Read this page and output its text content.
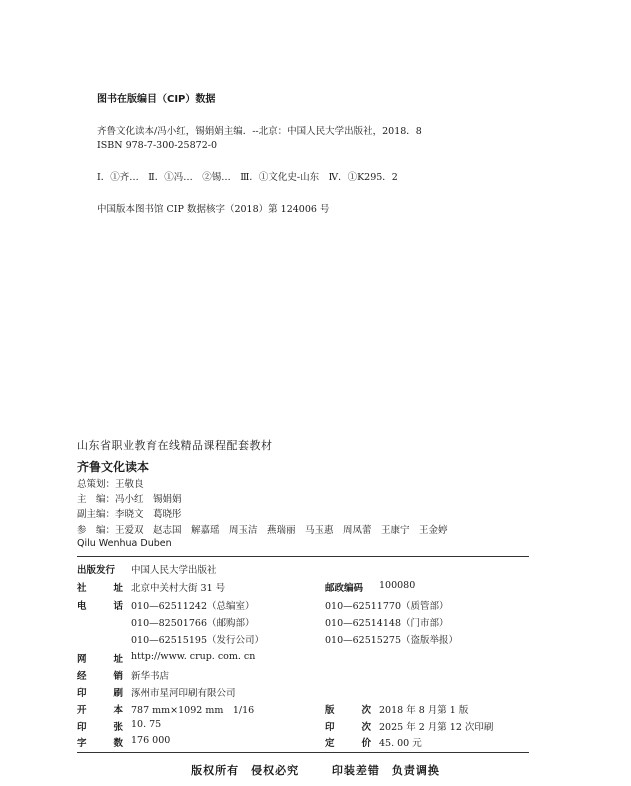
图书在版编目（CIP）数据
齐鲁文化读本/冯小红，锡娟娟主编．--北京：中国人民大学出版社，2018．8
ISBN 978-7-300-25872-0
Ⅰ．①齐…　Ⅱ．①冯…　②锡…　Ⅲ．①文化史-山东　Ⅳ．①K295．2
中国版本图书馆 CIP 数据核字（2018）第 124006 号
山东省职业教育在线精品课程配套教材
齐鲁文化读本
总策划：王敬良
主　编：冯小红　锡娟娟
副主编：李晓文　葛晓彤
参　编：王爱双　赵志国　解嘉瑶　周玉洁　燕瑞丽　马玉惠　周凤蕾　王康宁　王金婷
Qilu Wenhua Duben
出版发行	中国人民大学出版社
社	址 北京中关村大街 31 号	邮政编码	100080
电	话 010—62511242（总编室）	010—62511770（质管部）
010—82501766（邮购部）	010—62514148（门市部）
010—62515195（发行公司）	010—62515275（盗版举报）
网	址 http://www. crup. com. cn
经	销 新华书店
印	刷 涿州市星河印刷有限公司
开	本 787 mm×1092 mm　1/16	版	次 2018 年 8 月第 1 版
印	张 10. 75	印	次 2025 年 2 月第 12 次印刷
字	数 176 000	定	价 45. 00 元
版权所有　侵权必究	印装差错　负责调换
